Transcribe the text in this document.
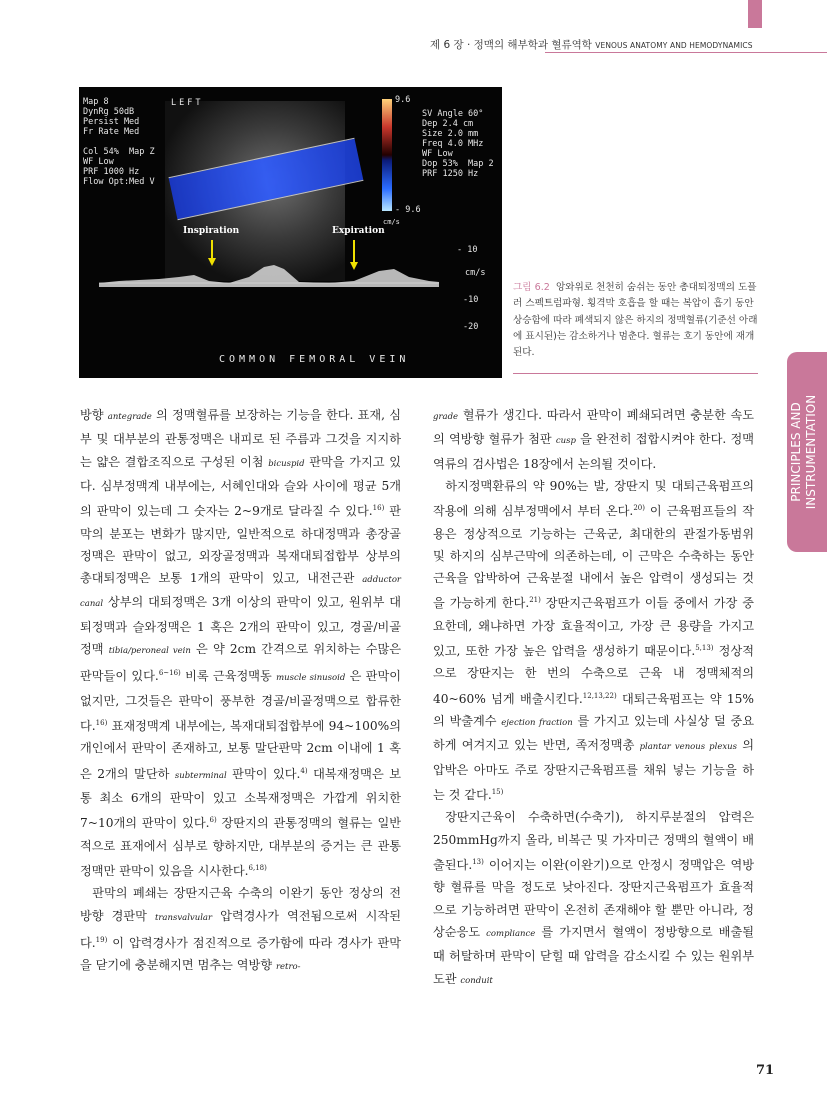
제 6 장 · 정맥의 해부학과 혈류역학 VENOUS ANATOMY AND HEMODYNAMICS
PRINCIPLES AND INSTRUMENTATION
Map 8
DynRg 50dB
Persist Med
Fr Rate Med

Col 54%  Map Z
WF Low
PRF 1000 Hz
Flow Opt:Med V
LEFT	9.6
- 9.6
cm/s
SV Angle 60°
Dep 2.4 cm
Size 2.0 mm
Freq 4.0 MHz
WF Low
Dop 53%  Map 2
PRF 1250 Hz
Inspiration	Expiration
- 10
cm/s
-10
-20
COMMON FEMORAL VEIN
그림 6.2 앙와위로 천천히 숨쉬는 동안 총대퇴정맥의 도플러 스펙트럼파형. 횡격막 호흡을 할 때는 복압이 흡기 동안 상승함에 따라 폐색되지 않은 하지의 정맥혈류(기준선 아래에 표시된)는 감소하거나 멈춘다. 혈류는 호기 동안에 재개된다.

방향 antegrade 의 정맥혈류를 보장하는 기능을 한다. 표재, 심부 및 대부분의 관통정맥은 내피로 된 주름과 그것을 지지하는 얇은 결합조직으로 구성된 이첨 bicuspid 판막을 가지고 있다. 심부정맥계 내부에는, 서혜인대와 슬와 사이에 평균 5개의 판막이 있는데 그 숫자는 2~9개로 달라질 수 있다.$^{16)}$ 판막의 분포는 변화가 많지만, 일반적으로 하대정맥과 총장골정맥은 판막이 없고, 외장골정맥과 복재대퇴접합부 상부의 총대퇴정맥은 보통 1개의 판막이 있고, 내전근관 adductor canal 상부의 대퇴정맥은 3개 이상의 판막이 있고, 원위부 대퇴정맥과 슬와정맥은 1 혹은 2개의 판막이 있고, 경골/비골정맥 tibia/peroneal vein 은 약 2cm 간격으로 위치하는 수많은 판막들이 있다.$^{6\sim 16)}$ 비록 근육정맥동 muscle sinusoid 은 판막이 없지만, 그것들은 판막이 풍부한 경골/비골정맥으로 합류한다.$^{16)}$ 표재정맥계 내부에는, 복재대퇴접합부에 94~100%의 개인에서 판막이 존재하고, 보통 말단판막 2cm 이내에 1 혹은 2개의 말단하 subterminal 판막이 있다.$^{4)}$ 대복재정맥은 보통 최소 6개의 판막이 있고 소복재정맥은 가깝게 위치한 7~10개의 판막이 있다.$^{6)}$ 장딴지의 관통정맥의 혈류는 일반적으로 표재에서 심부로 향하지만, 대부분의 증거는 큰 관통정맥만 판막이 있음을 시사한다.$^{6,18)}$

판막의 폐쇄는 장딴지근육 수축의 이완기 동안 정상의 전방향 경판막 transvalvular 압력경사가 역전됨으로써 시작된다.$^{19)}$ 이 압력경사가 점진적으로 증가함에 따라 경사가 판막을 닫기에 충분해지면 멈추는 역방향 retro-

grade 혈류가 생긴다. 따라서 판막이 폐쇄되려면 충분한 속도의 역방향 혈류가 첨판 cusp 을 완전히 접합시켜야 한다. 정맥역류의 검사법은 18장에서 논의될 것이다.

하지정맥환류의 약 90%는 발, 장딴지 및 대퇴근육펌프의 작용에 의해 심부정맥에서 부터 온다.$^{20)}$ 이 근육펌프들의 작용은 정상적으로 기능하는 근육군, 최대한의 관절가동범위 및 하지의 심부근막에 의존하는데, 이 근막은 수축하는 동안 근육을 압박하여 근육분절 내에서 높은 압력이 생성되는 것을 가능하게 한다.$^{21)}$ 장딴지근육펌프가 이들 중에서 가장 중요한데, 왜냐하면 가장 효율적이고, 가장 큰 용량을 가지고 있고, 또한 가장 높은 압력을 생성하기 때문이다.$^{5,13)}$ 정상적으로 장딴지는 한 번의 수축으로 근육 내 정맥체적의 40~60% 넘게 배출시킨다.$^{12,13,22)}$ 대퇴근육펌프는 약 15%의 박출계수 ejection fraction 를 가지고 있는데 사실상 덜 중요하게 여겨지고 있는 반면, 족저정맥총 plantar venous plexus 의 압박은 아마도 주로 장딴지근육펌프를 채워 넣는 기능을 하는 것 같다.$^{15)}$

장딴지근육이 수축하면(수축기), 하지루분절의 압력은 250mmHg까지 올라, 비복근 및 가자미근 정맥의 혈액이 배출된다.$^{13)}$ 이어지는 이완(이완기)으로 안정시 정맥압은 역방향 혈류를 막을 정도로 낮아진다. 장딴지근육펌프가 효율적으로 기능하려면 판막이 온전히 존재해야 할 뿐만 아니라, 정상순응도 compliance 를 가지면서 혈액이 정방향으로 배출될 때 허탈하며 판막이 닫힐 때 압력을 감소시킬 수 있는 원위부 도관 conduit

71
